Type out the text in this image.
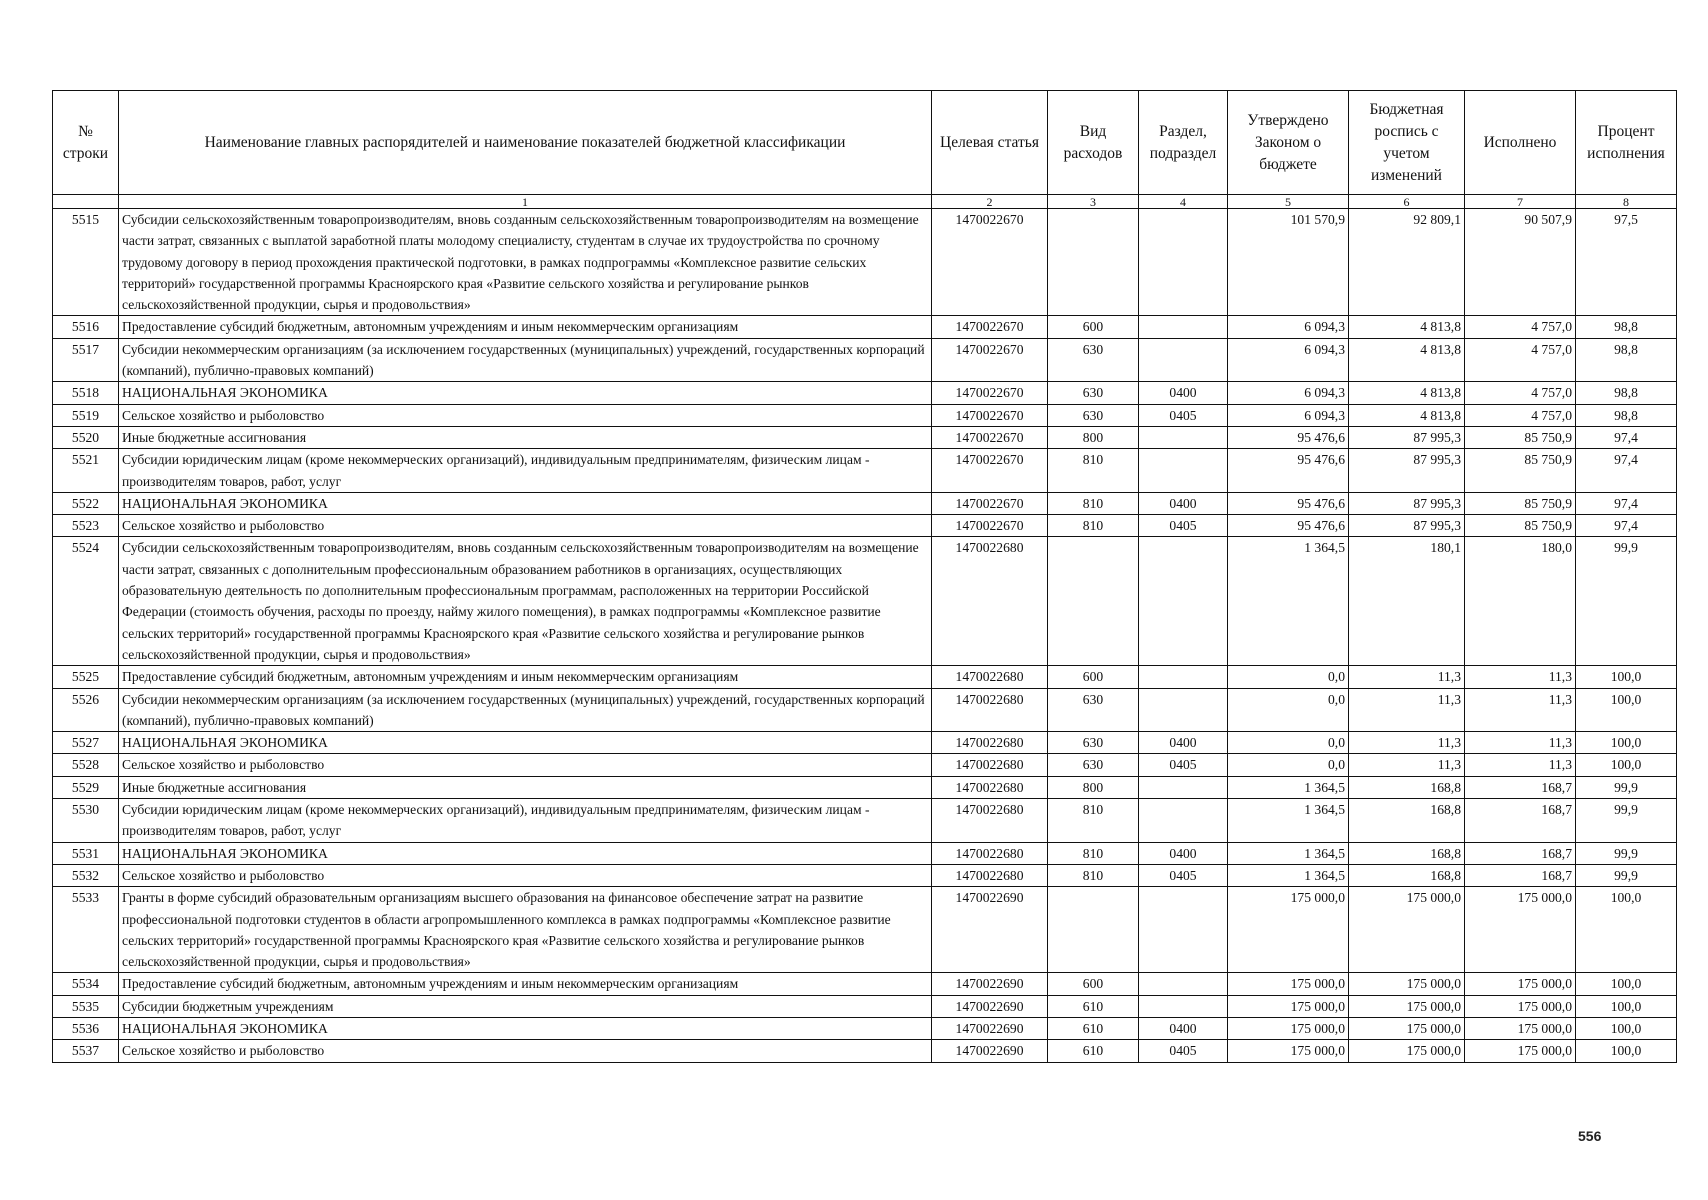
№ строки	Наименование главных распорядителей и наименование показателей бюджетной классификации	Целевая статья	Вид расходов	Раздел, подраздел	Утверждено Законом о бюджете	Бюджетная роспись с учетом изменений	Исполнено	Процент исполнения
	1	2	3	4	5	6	7	8
5515	Субсидии сельскохозяйственным товаропроизводителям, вновь созданным сельскохозяйственным товаропроизводителям на возмещение части затрат, связанных с выплатой заработной платы молодому специалисту, студентам в случае их трудоустройства по срочному трудовому договору в период прохождения практической подготовки, в рамках подпрограммы «Комплексное развитие сельских территорий» государственной программы Красноярского края «Развитие сельского хозяйства и регулирование рынков сельскохозяйственной продукции, сырья и продовольствия»	1470022670			101 570,9	92 809,1	90 507,9	97,5
5516	Предоставление субсидий бюджетным, автономным учреждениям и иным некоммерческим организациям	1470022670	600		6 094,3	4 813,8	4 757,0	98,8
5517	Субсидии некоммерческим организациям (за исключением государственных (муниципальных) учреждений, государственных корпораций (компаний), публично-правовых компаний)	1470022670	630		6 094,3	4 813,8	4 757,0	98,8
5518	НАЦИОНАЛЬНАЯ ЭКОНОМИКА	1470022670	630	0400	6 094,3	4 813,8	4 757,0	98,8
5519	Сельское хозяйство и рыболовство	1470022670	630	0405	6 094,3	4 813,8	4 757,0	98,8
5520	Иные бюджетные ассигнования	1470022670	800		95 476,6	87 995,3	85 750,9	97,4
5521	Субсидии юридическим лицам (кроме некоммерческих организаций), индивидуальным предпринимателям, физическим лицам - производителям товаров, работ, услуг	1470022670	810		95 476,6	87 995,3	85 750,9	97,4
5522	НАЦИОНАЛЬНАЯ ЭКОНОМИКА	1470022670	810	0400	95 476,6	87 995,3	85 750,9	97,4
5523	Сельское хозяйство и рыболовство	1470022670	810	0405	95 476,6	87 995,3	85 750,9	97,4
5524	Субсидии сельскохозяйственным товаропроизводителям, вновь созданным сельскохозяйственным товаропроизводителям на возмещение части затрат, связанных с дополнительным профессиональным образованием работников в организациях, осуществляющих образовательную деятельность по дополнительным профессиональным программам, расположенных на территории Российской Федерации (стоимость обучения, расходы по проезду, найму жилого помещения), в рамках подпрограммы «Комплексное развитие сельских территорий» государственной программы Красноярского края «Развитие сельского хозяйства и регулирование рынков сельскохозяйственной продукции, сырья и продовольствия»	1470022680			1 364,5	180,1	180,0	99,9
5525	Предоставление субсидий бюджетным, автономным учреждениям и иным некоммерческим организациям	1470022680	600		0,0	11,3	11,3	100,0
5526	Субсидии некоммерческим организациям (за исключением государственных (муниципальных) учреждений, государственных корпораций (компаний), публично-правовых компаний)	1470022680	630		0,0	11,3	11,3	100,0
5527	НАЦИОНАЛЬНАЯ ЭКОНОМИКА	1470022680	630	0400	0,0	11,3	11,3	100,0
5528	Сельское хозяйство и рыболовство	1470022680	630	0405	0,0	11,3	11,3	100,0
5529	Иные бюджетные ассигнования	1470022680	800		1 364,5	168,8	168,7	99,9
5530	Субсидии юридическим лицам (кроме некоммерческих организаций), индивидуальным предпринимателям, физическим лицам - производителям товаров, работ, услуг	1470022680	810		1 364,5	168,8	168,7	99,9
5531	НАЦИОНАЛЬНАЯ ЭКОНОМИКА	1470022680	810	0400	1 364,5	168,8	168,7	99,9
5532	Сельское хозяйство и рыболовство	1470022680	810	0405	1 364,5	168,8	168,7	99,9
5533	Гранты в форме субсидий образовательным организациям высшего образования на финансовое обеспечение затрат на развитие профессиональной подготовки студентов в области агропромышленного комплекса в рамках подпрограммы «Комплексное развитие сельских территорий» государственной программы Красноярского края «Развитие сельского хозяйства и регулирование рынков сельскохозяйственной продукции, сырья и продовольствия»	1470022690			175 000,0	175 000,0	175 000,0	100,0
5534	Предоставление субсидий бюджетным, автономным учреждениям и иным некоммерческим организациям	1470022690	600		175 000,0	175 000,0	175 000,0	100,0
5535	Субсидии бюджетным учреждениям	1470022690	610		175 000,0	175 000,0	175 000,0	100,0
5536	НАЦИОНАЛЬНАЯ ЭКОНОМИКА	1470022690	610	0400	175 000,0	175 000,0	175 000,0	100,0
5537	Сельское хозяйство и рыболовство	1470022690	610	0405	175 000,0	175 000,0	175 000,0	100,0
556
